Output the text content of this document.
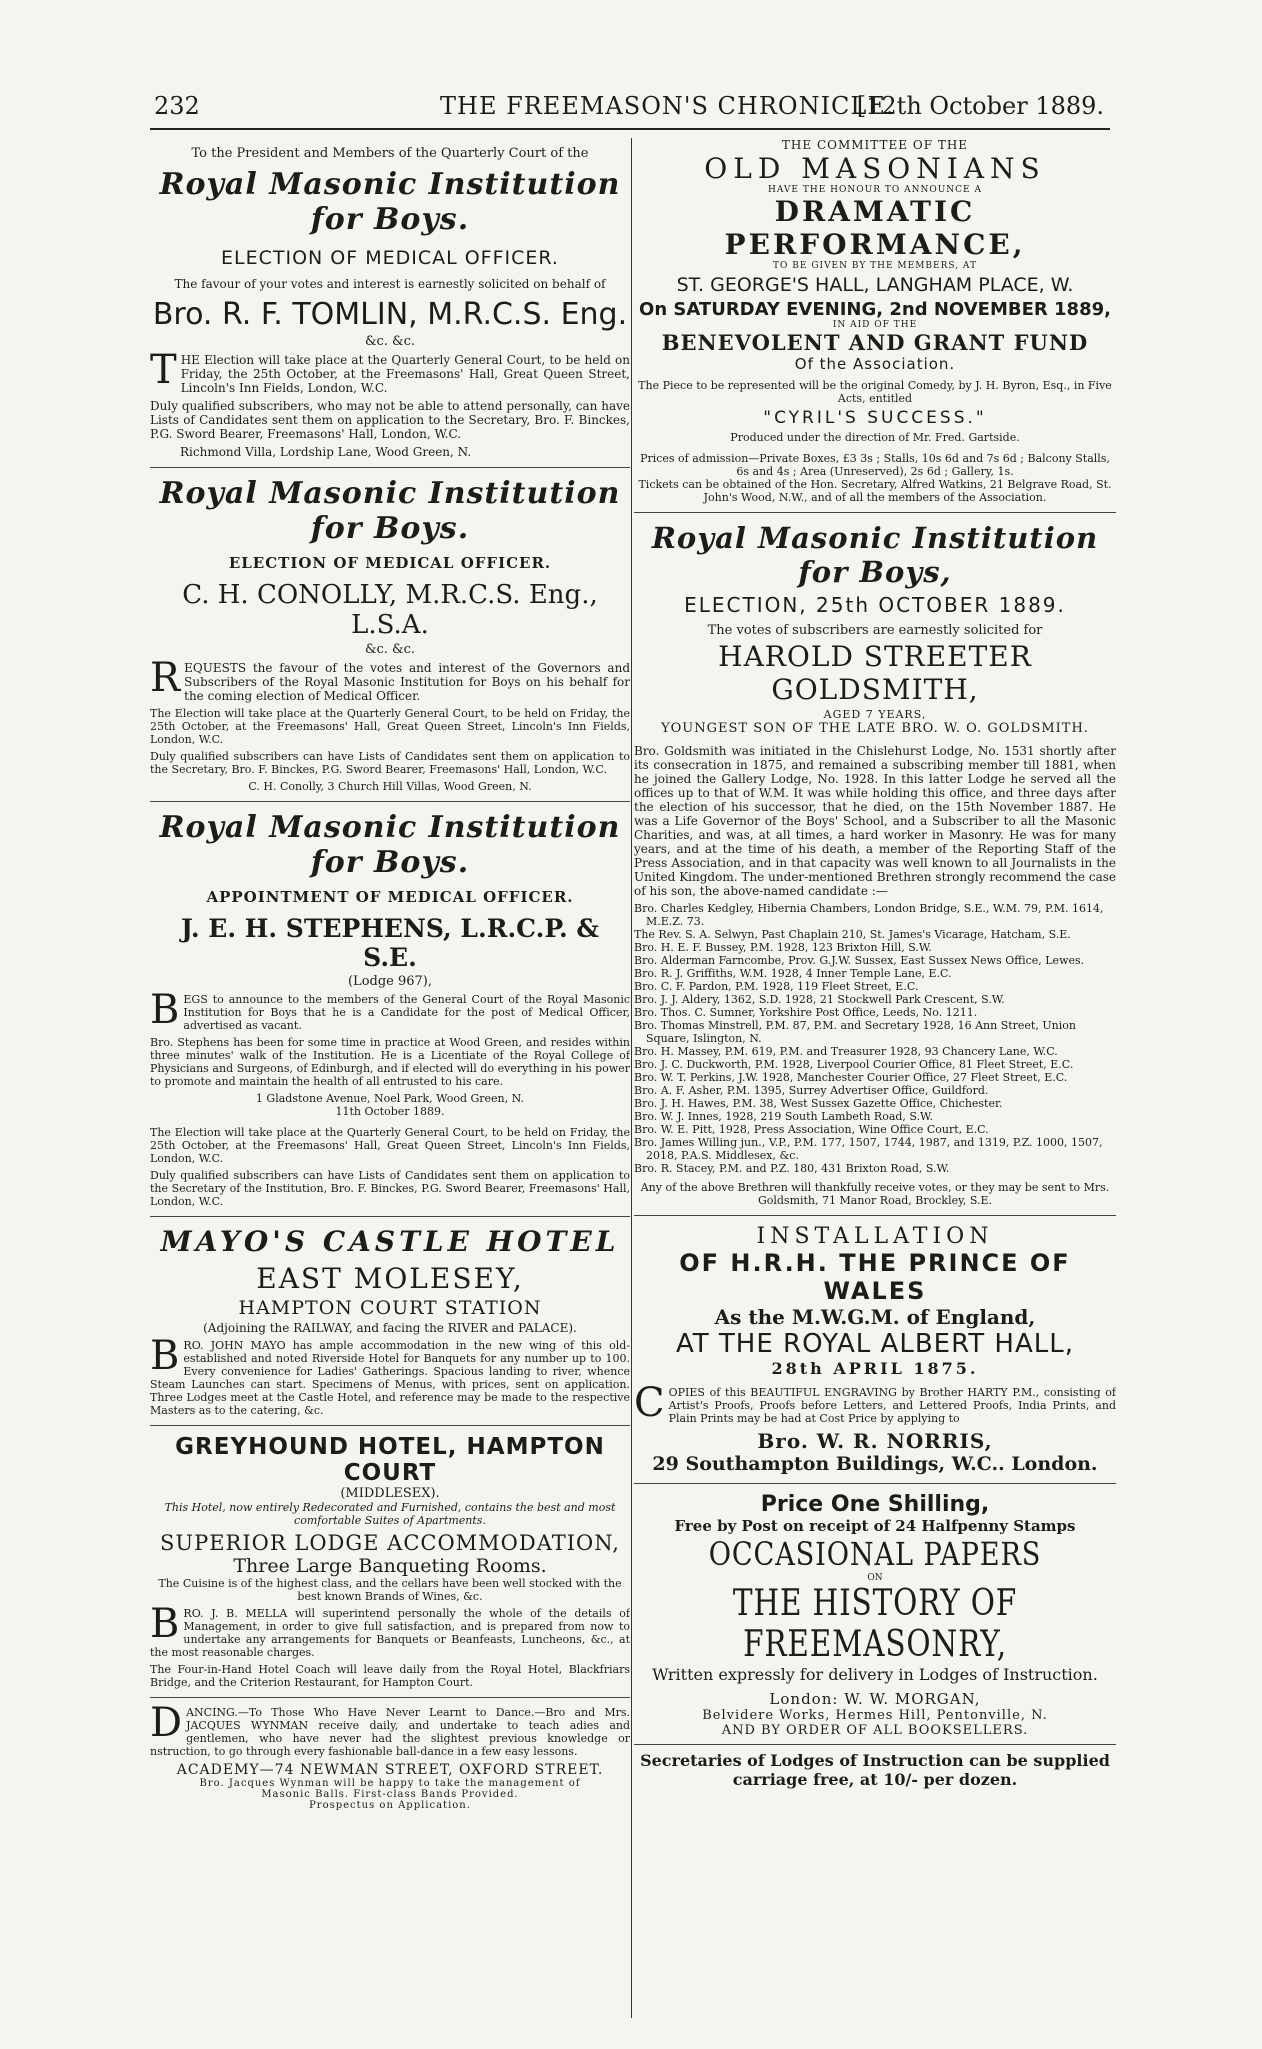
232	THE FREEMASON'S CHRONICLE.
[12th October 1889.
To the President and Members of the Quarterly Court of the
Royal Masonic Institution for Boys.
ELECTION OF MEDICAL OFFICER.
The favour of your votes and interest is earnestly solicited on behalf of
Bro. R. F. TOMLIN, M.R.C.S. Eng.
&c. &c.
THE Election will take place at the Quarterly General Court, to be held on Friday, the 25th October, at the Freemasons' Hall, Great Queen Street, Lincoln's Inn Fields, London, W.C.
Duly qualified subscribers, who may not be able to attend personally, can have Lists of Candidates sent them on application to the Secretary, Bro. F. Binckes, P.G. Sword Bearer, Freemasons' Hall, London, W.C.
Richmond Villa, Lordship Lane, Wood Green, N.
Royal Masonic Institution for Boys.
ELECTION OF MEDICAL OFFICER.
C. H. CONOLLY, M.R.C.S. Eng., L.S.A.
&c. &c.
REQUESTS the favour of the votes and interest of the Governors and Subscribers of the Royal Masonic Institution for Boys on his behalf for the coming election of Medical Officer.
The Election will take place at the Quarterly General Court, to be held on Friday, the 25th October, at the Freemasons' Hall, Great Queen Street, Lincoln's Inn Fields, London, W.C.
Duly qualified subscribers can have Lists of Candidates sent them on application to the Secretary, Bro. F. Binckes, P.G. Sword Bearer, Freemasons' Hall, London, W.C.
C. H. Conolly, 3 Church Hill Villas, Wood Green, N.
Royal Masonic Institution for Boys.
APPOINTMENT OF MEDICAL OFFICER.
J. E. H. STEPHENS, L.R.C.P. & S.E.
(Lodge 967),
BEGS to announce to the members of the General Court of the Royal Masonic Institution for Boys that he is a Candidate for the post of Medical Officer, advertised as vacant.
Bro. Stephens has been for some time in practice at Wood Green, and resides within three minutes' walk of the Institution. He is a Licentiate of the Royal College of Physicians and Surgeons, of Edinburgh, and if elected will do everything in his power to promote and maintain the health of all entrusted to his care.
1 Gladstone Avenue, Noel Park, Wood Green, N.
11th October 1889.
The Election will take place at the Quarterly General Court, to be held on Friday, the 25th October, at the Freemasons' Hall, Great Queen Street, Lincoln's Inn Fields, London, W.C.
Duly qualified subscribers can have Lists of Candidates sent them on application to the Secretary of the Institution, Bro. F. Binckes, P.G. Sword Bearer, Freemasons' Hall, London, W.C.
MAYO'S CASTLE HOTEL
EAST MOLESEY,
HAMPTON COURT STATION
(Adjoining the RAILWAY, and facing the RIVER and PALACE).
BRO. JOHN MAYO has ample accommodation in the new wing of this old-established and noted Riverside Hotel for Banquets for any number up to 100. Every convenience for Ladies' Gatherings. Spacious landing to river, whence Steam Launches can start. Specimens of Menus, with prices, sent on application. Three Lodges meet at the Castle Hotel, and reference may be made to the respective Masters as to the catering, &c.
GREYHOUND HOTEL, HAMPTON COURT
(MIDDLESEX).
This Hotel, now entirely Redecorated and Furnished, contains the best and most comfortable Suites of Apartments.
SUPERIOR LODGE ACCOMMODATION,
Three Large Banqueting Rooms.
The Cuisine is of the highest class, and the cellars have been well stocked with the best known Brands of Wines, &c.
BRO. J. B. MELLA will superintend personally the whole of the details of Management, in order to give full satisfaction, and is prepared from now to undertake any arrangements for Banquets or Beanfeasts, Luncheons, &c., at the most reasonable charges.
The Four-in-Hand Hotel Coach will leave daily from the Royal Hotel, Blackfriars Bridge, and the Criterion Restaurant, for Hampton Court.
DANCING.—To Those Who Have Never Learnt to Dance.—Bro and Mrs. JACQUES WYNMAN receive daily, and undertake to teach adies and gentlemen, who have never had the slightest previous knowledge or nstruction, to go through every fashionable ball-dance in a few easy lessons.
ACADEMY—74 NEWMAN STREET, OXFORD STREET.
Bro. Jacques Wynman will be happy to take the management of
Masonic Balls. First-class Bands Provided.
Prospectus on Application.
THE COMMITTEE OF THE
OLD MASONIANS
HAVE THE HONOUR TO ANNOUNCE A
DRAMATIC PERFORMANCE,
TO BE GIVEN BY THE MEMBERS, AT
ST. GEORGE'S HALL, LANGHAM PLACE, W.
On SATURDAY EVENING, 2nd NOVEMBER 1889,
IN AID OF THE
BENEVOLENT AND GRANT FUND
Of the Association.
The Piece to be represented will be the original Comedy, by J. H. Byron, Esq., in Five Acts, entitled
"CYRIL'S SUCCESS."
Produced under the direction of Mr. Fred. Gartside.
Prices of admission—Private Boxes, £3 3s ; Stalls, 10s 6d and 7s 6d ; Balcony Stalls, 6s and 4s ; Area (Unreserved), 2s 6d ; Gallery, 1s.
Tickets can be obtained of the Hon. Secretary, Alfred Watkins, 21 Belgrave Road, St. John's Wood, N.W., and of all the members of the Association.
Royal Masonic Institution for Boys,
ELECTION, 25th OCTOBER 1889.
The votes of subscribers are earnestly solicited for
HAROLD STREETER GOLDSMITH,
AGED 7 YEARS,
YOUNGEST SON OF THE LATE BRO. W. O. GOLDSMITH.
Bro. Goldsmith was initiated in the Chislehurst Lodge, No. 1531 shortly after its consecration in 1875, and remained a subscribing member till 1881, when he joined the Gallery Lodge, No. 1928. In this latter Lodge he served all the offices up to that of W.M. It was while holding this office, and three days after the election of his successor, that he died, on the 15th November 1887. He was a Life Governor of the Boys' School, and a Subscriber to all the Masonic Charities, and was, at all times, a hard worker in Masonry. He was for many years, and at the time of his death, a member of the Reporting Staff of the Press Association, and in that capacity was well known to all Journalists in the United Kingdom. The under-mentioned Brethren strongly recommend the case of his son, the above-named candidate :—
Bro. Charles Kedgley, Hibernia Chambers, London Bridge, S.E., W.M. 79, P.M. 1614, M.E.Z. 73.
The Rev. S. A. Selwyn, Past Chaplain 210, St. James's Vicarage, Hatcham, S.E.
Bro. H. E. F. Bussey, P.M. 1928, 123 Brixton Hill, S.W.
Bro. Alderman Farncombe, Prov. G.J.W. Sussex, East Sussex News Office, Lewes.
Bro. R. J. Griffiths, W.M. 1928, 4 Inner Temple Lane, E.C.
Bro. C. F. Pardon, P.M. 1928, 119 Fleet Street, E.C.
Bro. J. J. Aldery, 1362, S.D. 1928, 21 Stockwell Park Crescent, S.W.
Bro. Thos. C. Sumner, Yorkshire Post Office, Leeds, No. 1211.
Bro. Thomas Minstrell, P.M. 87, P.M. and Secretary 1928, 16 Ann Street, Union Square, Islington, N.
Bro. H. Massey, P.M. 619, P.M. and Treasurer 1928, 93 Chancery Lane, W.C.
Bro. J. C. Duckworth, P.M. 1928, Liverpool Courier Office, 81 Fleet Street, E.C.
Bro. W. T. Perkins, J.W. 1928, Manchester Courier Office, 27 Fleet Street, E.C.
Bro. A. F. Asher, P.M. 1395, Surrey Advertiser Office, Guildford.
Bro. J. H. Hawes, P.M. 38, West Sussex Gazette Office, Chichester.
Bro. W. J. Innes, 1928, 219 South Lambeth Road, S.W.
Bro. W. E. Pitt, 1928, Press Association, Wine Office Court, E.C.
Bro. James Willing jun., V.P., P.M. 177, 1507, 1744, 1987, and 1319, P.Z. 1000, 1507, 2018, P.A.S. Middlesex, &c.
Bro. R. Stacey, P.M. and P.Z. 180, 431 Brixton Road, S.W.
Any of the above Brethren will thankfully receive votes, or they may be sent to Mrs. Goldsmith, 71 Manor Road, Brockley, S.E.
INSTALLATION
OF H.R.H. THE PRINCE OF WALES
As the M.W.G.M. of England,
AT THE ROYAL ALBERT HALL,
28th APRIL 1875.
COPIES of this BEAUTIFUL ENGRAVING by Brother HARTY P.M., consisting of Artist's Proofs, Proofs before Letters, and Lettered Proofs, India Prints, and Plain Prints may be had at Cost Price by applying to
Bro. W. R. NORRIS,
29 Southampton Buildings, W.C.. London.
Price One Shilling,
Free by Post on receipt of 24 Halfpenny Stamps
OCCASIONAL PAPERS
ON
THE HISTORY OF FREEMASONRY,
Written expressly for delivery in Lodges of Instruction.
London: W. W. MORGAN,
Belvidere Works, Hermes Hill, Pentonville, N.
AND BY ORDER OF ALL BOOKSELLERS.
Secretaries of Lodges of Instruction can be supplied carriage free, at 10/- per dozen.
